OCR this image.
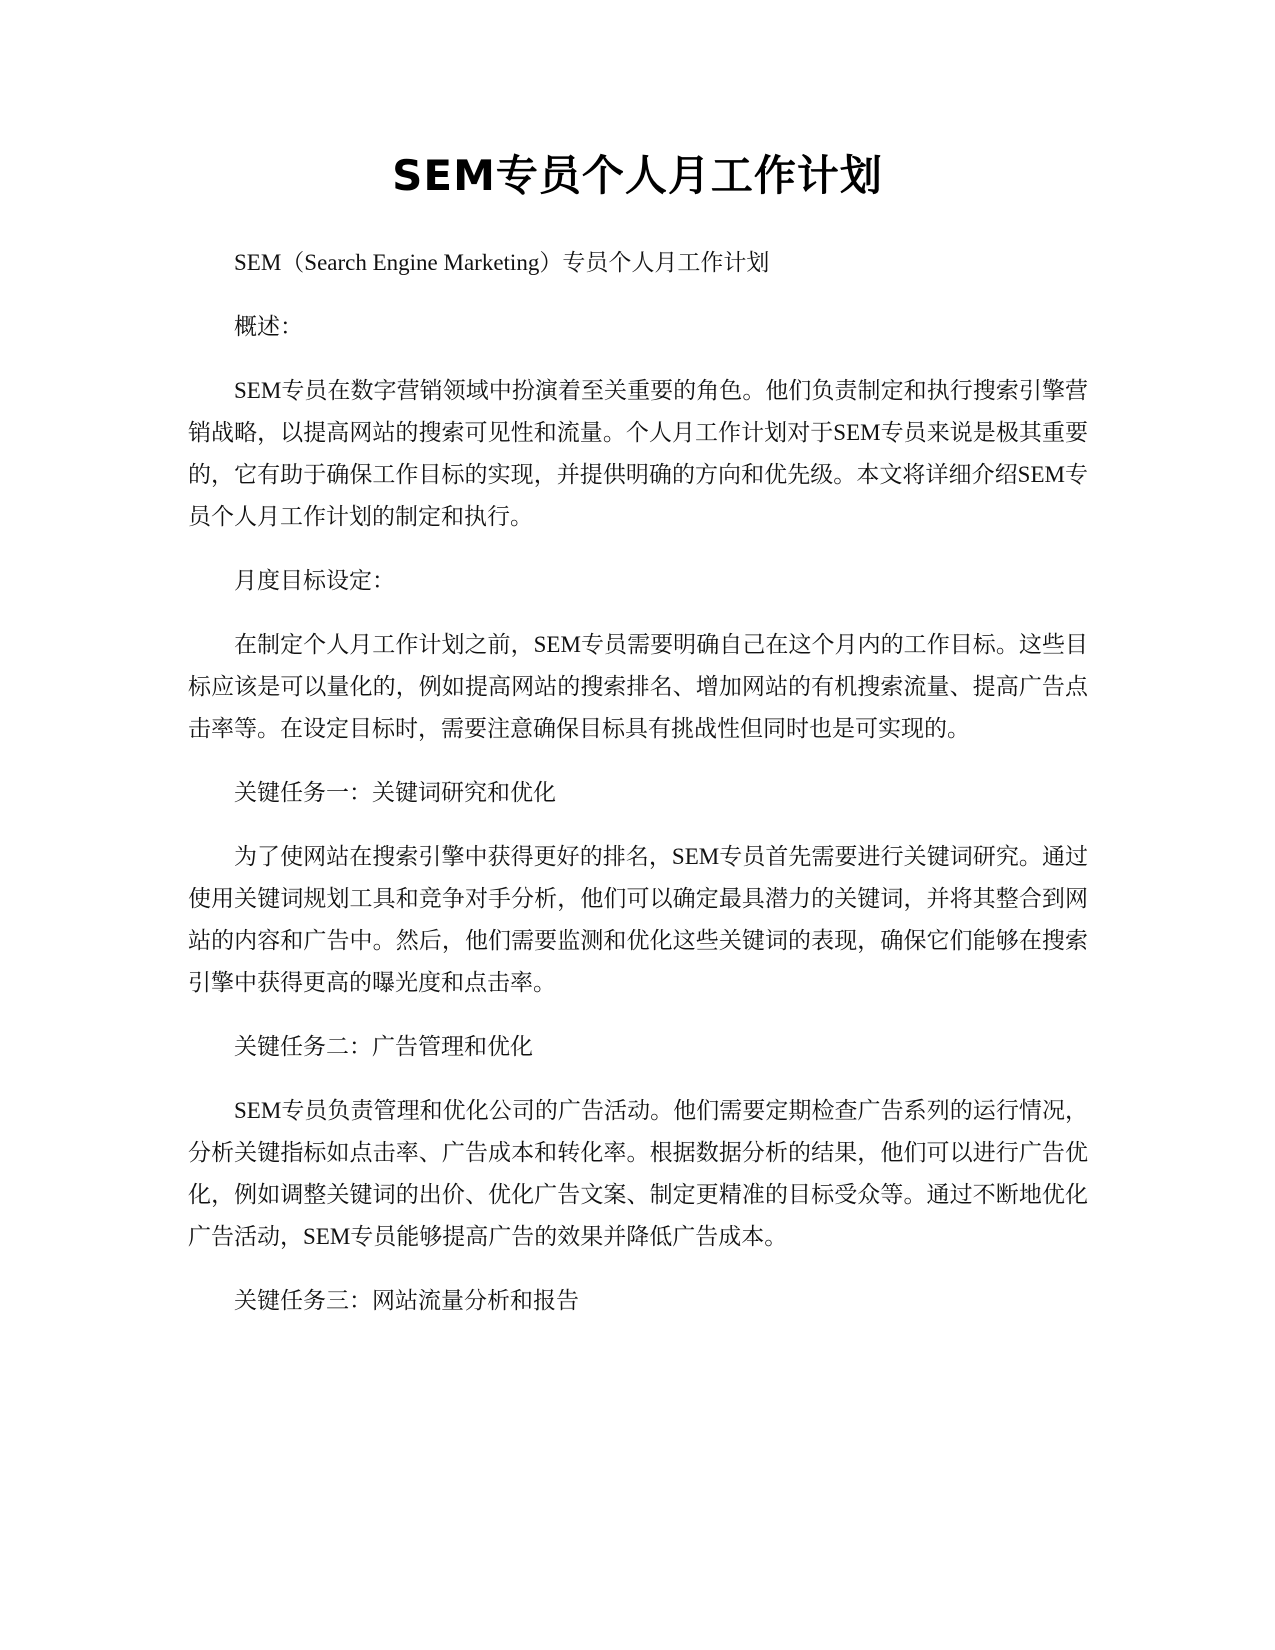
SEM专员个人月工作计划

SEM（Search Engine Marketing）专员个人月工作计划

概述：

SEM专员在数字营销领域中扮演着至关重要的角色。他们负责制定和执行搜索引擎营销战略，以提高网站的搜索可见性和流量。个人月工作计划对于SEM专员来说是极其重要的，它有助于确保工作目标的实现，并提供明确的方向和优先级。本文将详细介绍SEM专员个人月工作计划的制定和执行。

月度目标设定：

在制定个人月工作计划之前，SEM专员需要明确自己在这个月内的工作目标。这些目标应该是可以量化的，例如提高网站的搜索排名、增加网站的有机搜索流量、提高广告点击率等。在设定目标时，需要注意确保目标具有挑战性但同时也是可实现的。

关键任务一：关键词研究和优化

为了使网站在搜索引擎中获得更好的排名，SEM专员首先需要进行关键词研究。通过使用关键词规划工具和竞争对手分析，他们可以确定最具潜力的关键词，并将其整合到网站的内容和广告中。然后，他们需要监测和优化这些关键词的表现，确保它们能够在搜索引擎中获得更高的曝光度和点击率。

关键任务二：广告管理和优化

SEM专员负责管理和优化公司的广告活动。他们需要定期检查广告系列的运行情况，分析关键指标如点击率、广告成本和转化率。根据数据分析的结果，他们可以进行广告优化，例如调整关键词的出价、优化广告文案、制定更精准的目标受众等。通过不断地优化广告活动，SEM专员能够提高广告的效果并降低广告成本。

关键任务三：网站流量分析和报告
